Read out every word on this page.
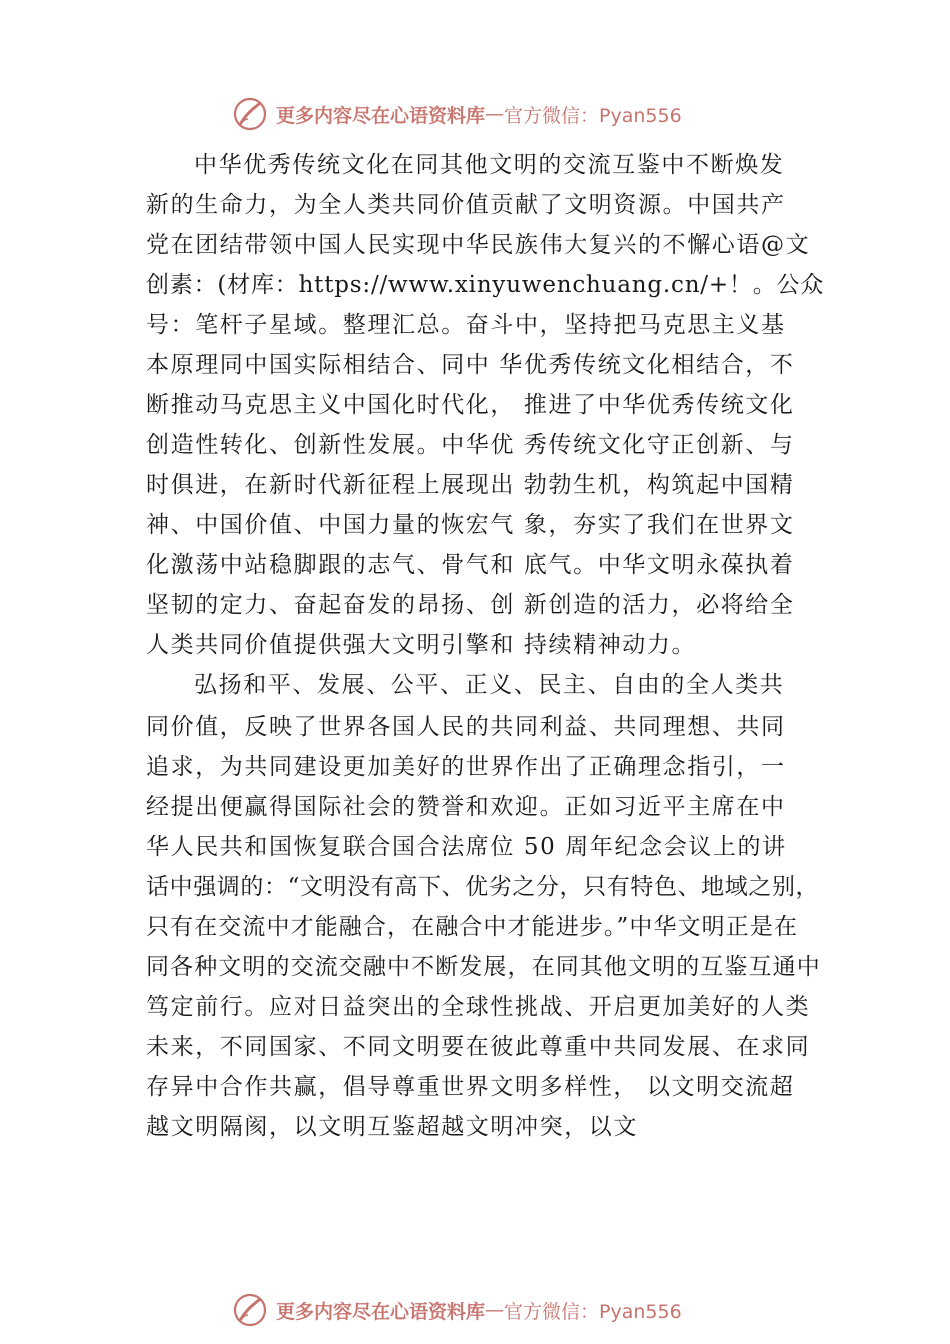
更多内容尽在心语资料库 — 官方微信：Pyan556
中华优秀传统文化在同其他文明的交流互鉴中不断焕发
新的生命力，为全人类共同价值贡献了文明资源。中国共产
党在团结带领中国人民实现中华民族伟大复兴的不懈心语@文
创素：(材库：https://www.xinyuwenchuang.cn/+！。公众
号：笔杆子星域。整理汇总。奋斗中，坚持把马克思主义基
本原理同中国实际相结合、同中 华优秀传统文化相结合，不
断推动马克思主义中国化时代化， 推进了中华优秀传统文化
创造性转化、创新性发展。中华优 秀传统文化守正创新、与
时俱进，在新时代新征程上展现出 勃勃生机，构筑起中国精
神、中国价值、中国力量的恢宏气 象，夯实了我们在世界文
化激荡中站稳脚跟的志气、骨气和 底气。中华文明永葆执着
坚韧的定力、奋起奋发的昂扬、创 新创造的活力，必将给全
人类共同价值提供强大文明引擎和 持续精神动力。
弘扬和平、发展、公平、正义、民主、自由的全人类共
同价值，反映了世界各国人民的共同利益、共同理想、共同
追求，为共同建设更加美好的世界作出了正确理念指引，一
经提出便赢得国际社会的赞誉和欢迎。正如习近平主席在中
华人民共和国恢复联合国合法席位 50 周年纪念会议上的讲
话中强调的：“文明没有高下、优劣之分，只有特色、地域之别，
只有在交流中才能融合，在融合中才能进步。”中华文明正是在
同各种文明的交流交融中不断发展，在同其他文明的互鉴互通中
笃定前行。应对日益突出的全球性挑战、开启更加美好的人类
未来，不同国家、不同文明要在彼此尊重中共同发展、在求同
存异中合作共赢，倡导尊重世界文明多样性， 以文明交流超
越文明隔阂，以文明互鉴超越文明冲突，以文
更多内容尽在心语资料库 — 官方微信：Pyan556
